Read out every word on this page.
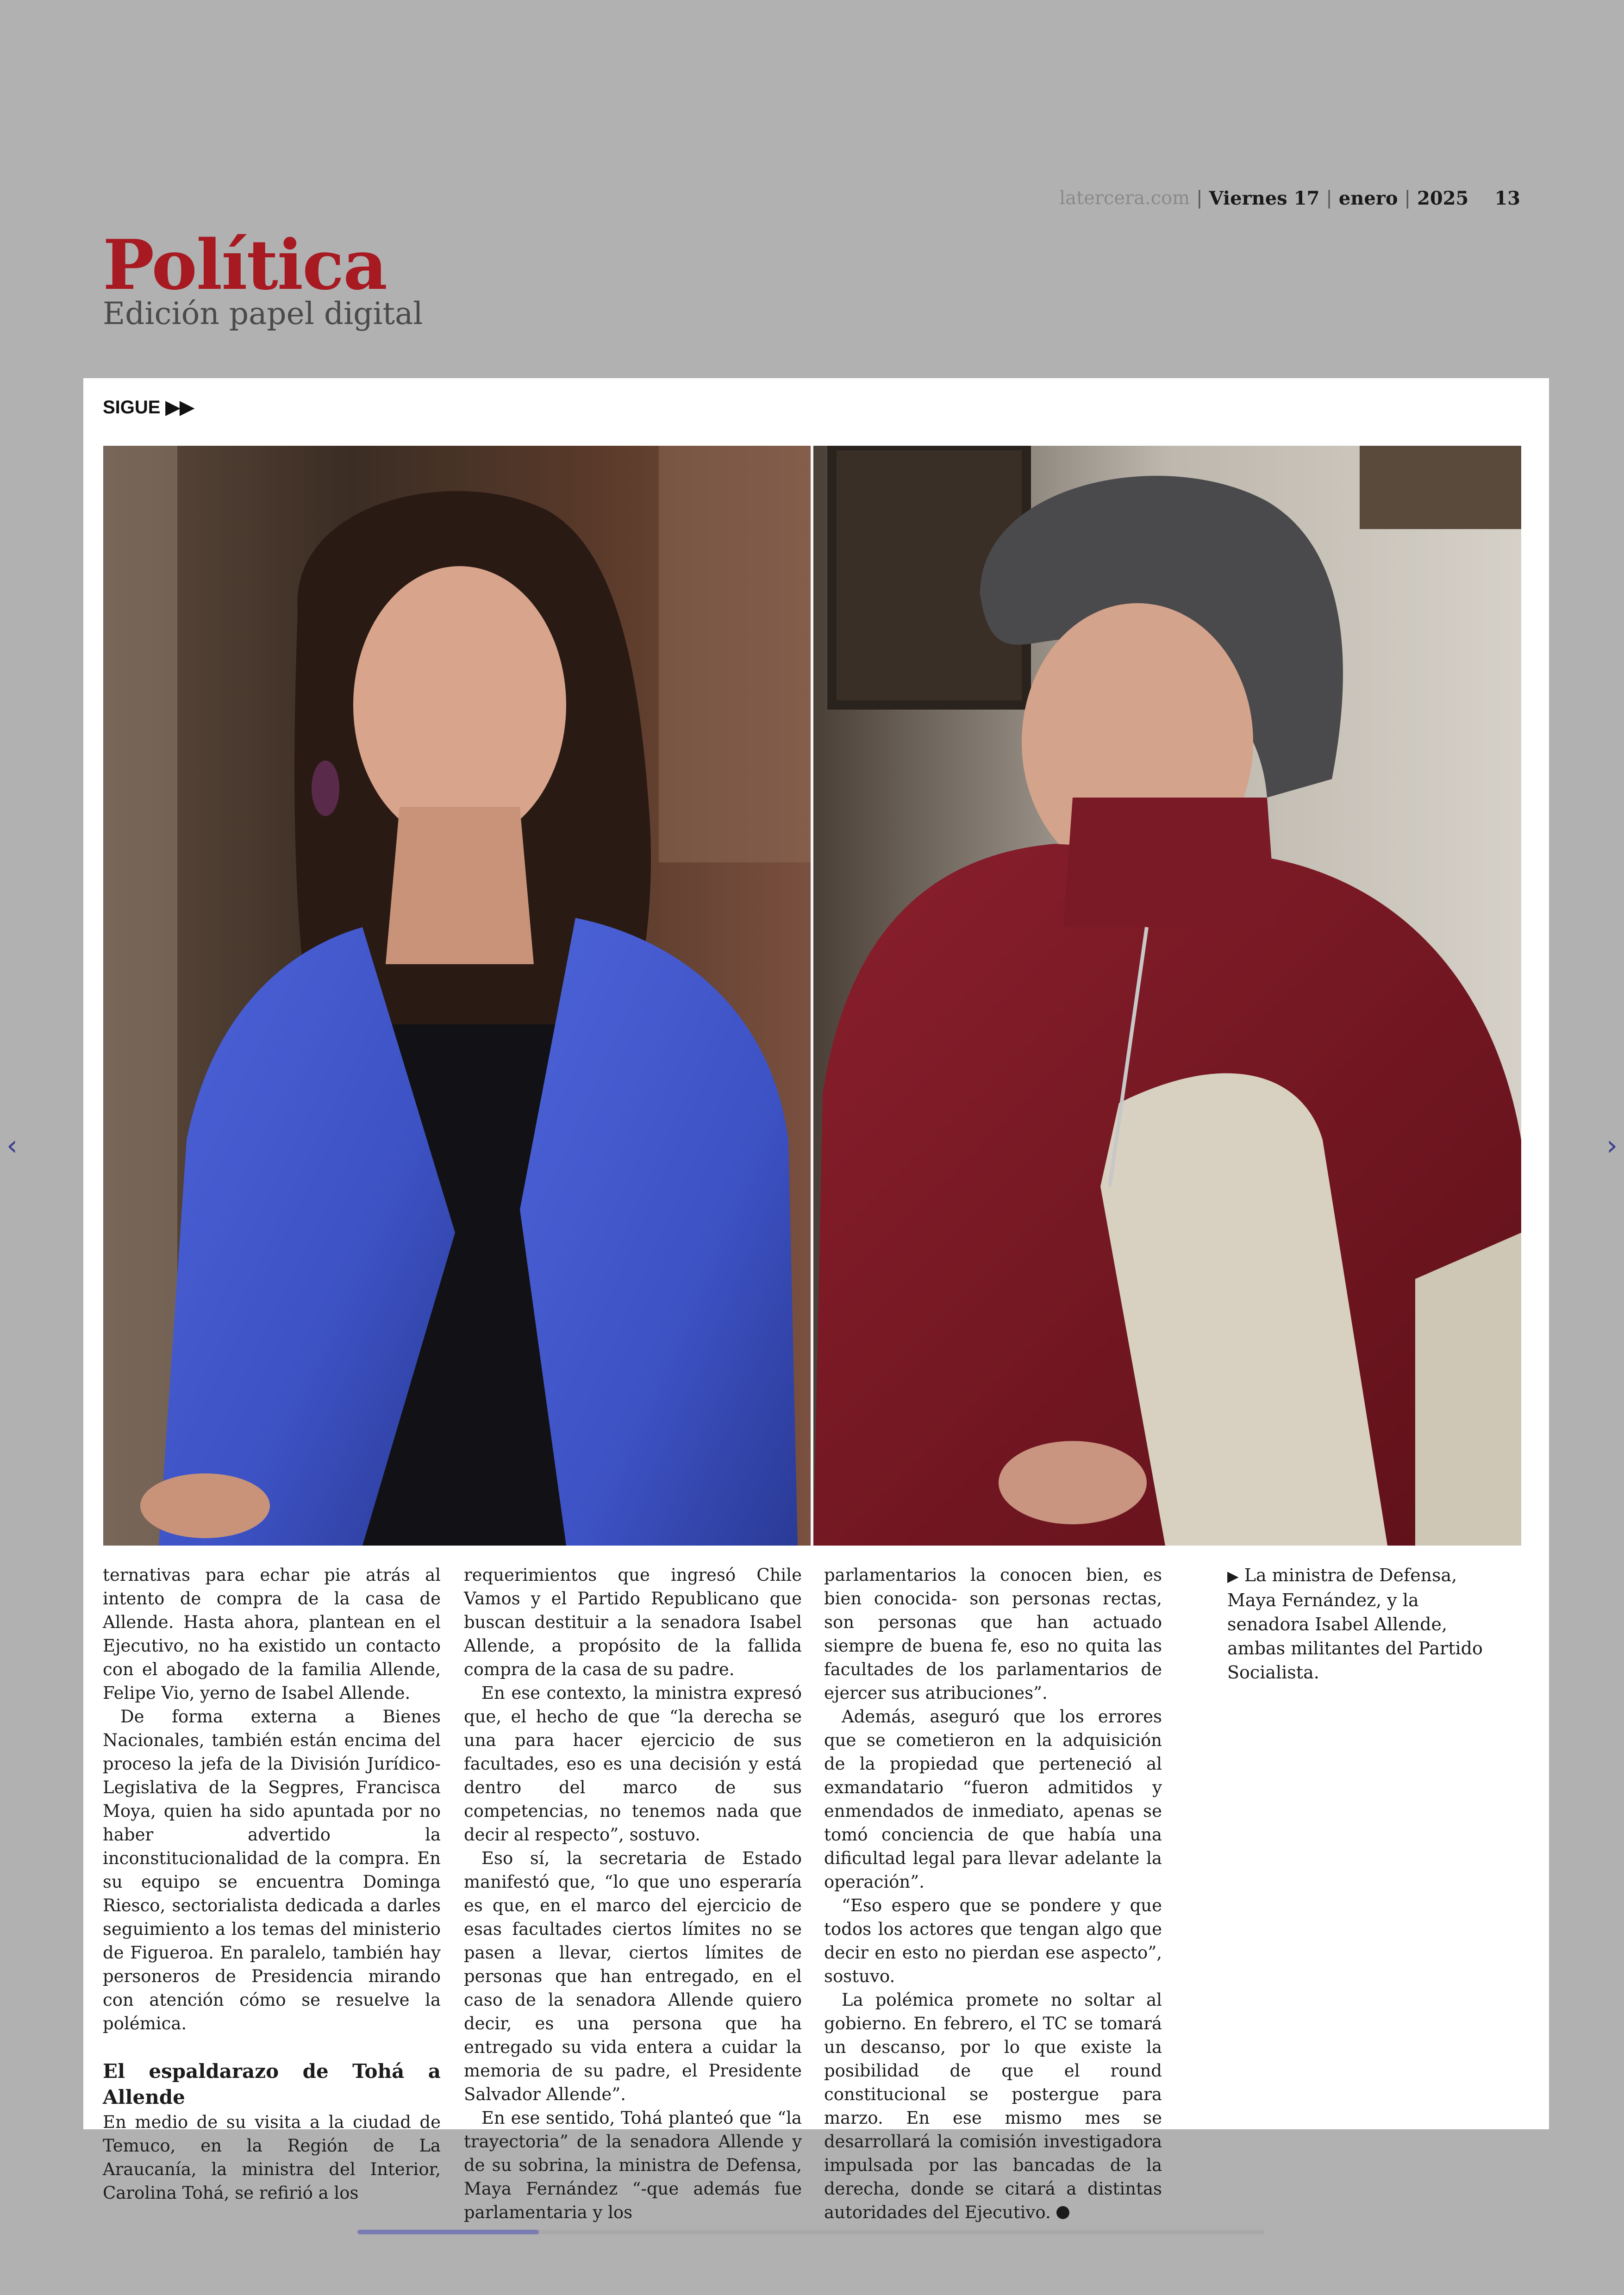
latercera.com | Viernes 17 | enero | 2025 13
Política
Edición papel digital
SIGUE ▶▶

ternativas para echar pie atrás al intento de compra de la casa de Allende. Hasta ahora, plantean en el Ejecutivo, no ha existido un contacto con el abogado de la familia Allende, Felipe Vio, yerno de Isabel Allende.

De forma externa a Bienes Nacionales, también están encima del proceso la jefa de la División Jurídico-Legislativa de la Segpres, Francisca Moya, quien ha sido apuntada por no haber advertido la inconstitucionalidad de la compra. En su equipo se encuentra Dominga Riesco, sectorialista dedicada a darles seguimiento a los temas del ministerio de Figueroa. En paralelo, también hay personeros de Presidencia mirando con atención cómo se resuelve la polémica.

El espaldarazo de Tohá a Allende

En medio de su visita a la ciudad de Temuco, en la Región de La Araucanía, la ministra del Interior, Carolina Tohá, se refirió a los

requerimientos que ingresó Chile Vamos y el Partido Republicano que buscan destituir a la senadora Isabel Allende, a propósito de la fallida compra de la casa de su padre.

En ese contexto, la ministra expresó que, el hecho de que “la derecha se una para hacer ejercicio de sus facultades, eso es una decisión y está dentro del marco de sus competencias, no tenemos nada que decir al respecto”, sostuvo.

Eso sí, la secretaria de Estado manifestó que, “lo que uno esperaría es que, en el marco del ejercicio de esas facultades ciertos límites no se pasen a llevar, ciertos límites de personas que han entregado, en el caso de la senadora Allende quiero decir, es una persona que ha entregado su vida entera a cuidar la memoria de su padre, el Presidente Salvador Allende”.

En ese sentido, Tohá planteó que “la trayectoria” de la senadora Allende y de su sobrina, la ministra de Defensa, Maya Fernández “-que además fue parlamentaria y los

parlamentarios la conocen bien, es bien conocida- son personas rectas, son personas que han actuado siempre de buena fe, eso no quita las facultades de los parlamentarios de ejercer sus atribuciones”.

Además, aseguró que los errores que se cometieron en la adquisición de la propiedad que perteneció al exmandatario “fueron admitidos y enmendados de inmediato, apenas se tomó conciencia de que había una dificultad legal para llevar adelante la operación”.

“Eso espero que se pondere y que todos los actores que tengan algo que decir en esto no pierdan ese aspecto”, sostuvo.

La polémica promete no soltar al gobierno. En febrero, el TC se tomará un descanso, por lo que existe la posibilidad de que el round constitucional se postergue para marzo. En ese mismo mes se desarrollará la comisión investigadora impulsada por las bancadas de la derecha, donde se citará a distintas autoridades del Ejecutivo.

▶ La ministra de Defensa, Maya Fernández, y la senadora Isabel Allende, ambas militantes del Partido Socialista.
‹	›
